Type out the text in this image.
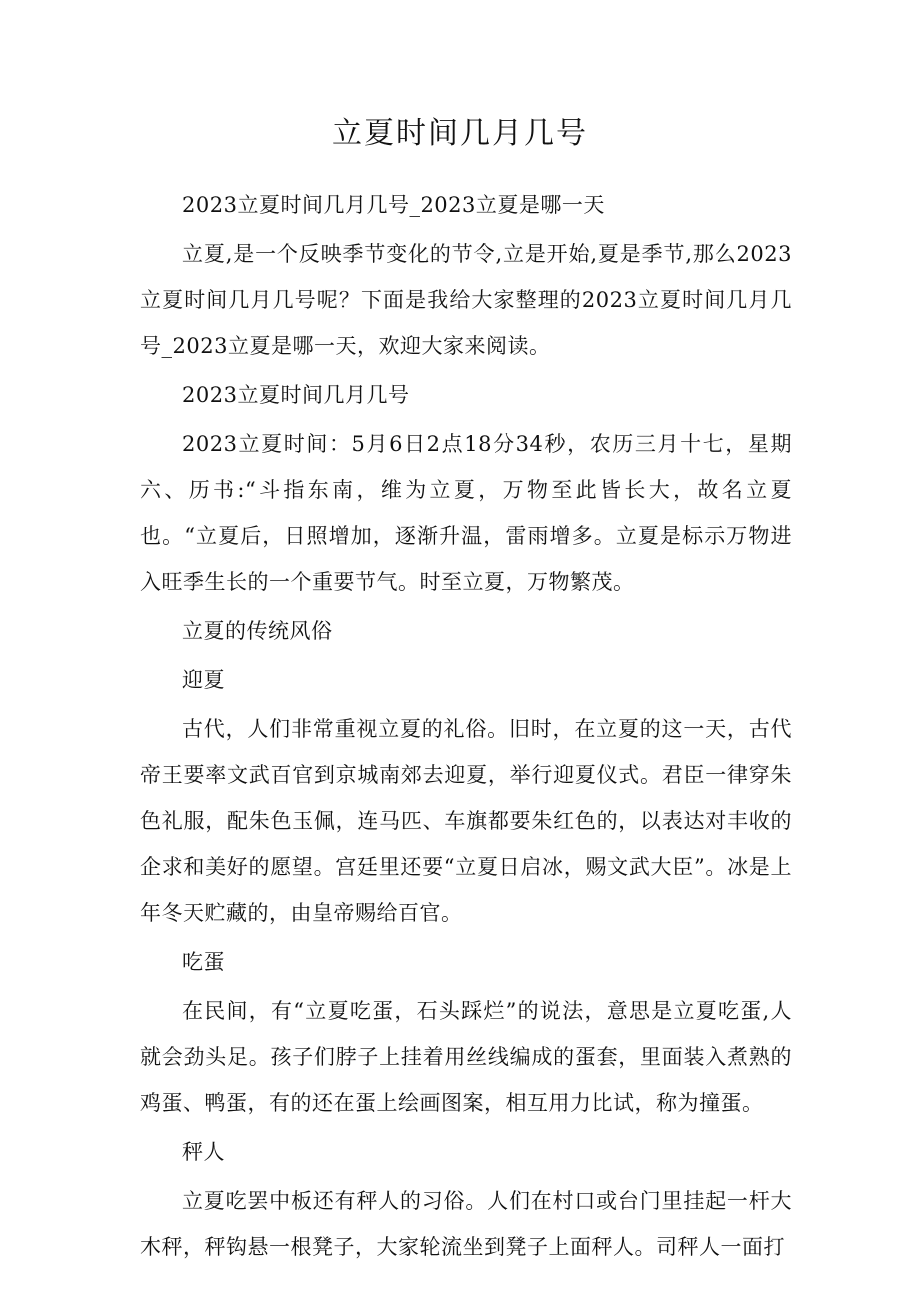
立夏时间几月几号

2023立夏时间几月几号_2023立夏是哪一天

立夏,是一个反映季节变化的节令,立是开始,夏是季节,那么2023立夏时间几月几号呢？下面是我给大家整理的2023立夏时间几月几号_2023立夏是哪一天，欢迎大家来阅读。

2023立夏时间几月几号

2023立夏时间：5月6日2点18分34秒，农历三月十七，星期六、历书:“斗指东南，维为立夏，万物至此皆长大，故名立夏也。“立夏后，日照增加，逐渐升温，雷雨增多。立夏是标示万物进入旺季生长的一个重要节气。时至立夏，万物繁茂。

立夏的传统风俗

迎夏

古代，人们非常重视立夏的礼俗。旧时，在立夏的这一天，古代帝王要率文武百官到京城南郊去迎夏，举行迎夏仪式。君臣一律穿朱色礼服，配朱色玉佩，连马匹、车旗都要朱红色的，以表达对丰收的企求和美好的愿望。宫廷里还要“立夏日启冰，赐文武大臣”。冰是上年冬天贮藏的，由皇帝赐给百官。

吃蛋

在民间，有“立夏吃蛋，石头踩烂”的说法，意思是立夏吃蛋,人就会劲头足。孩子们脖子上挂着用丝线编成的蛋套，里面装入煮熟的鸡蛋、鸭蛋，有的还在蛋上绘画图案，相互用力比试，称为撞蛋。

秤人

立夏吃罢中板还有秤人的习俗。人们在村口或台门里挂起一杆大木秤，秤钩悬一根凳子，大家轮流坐到凳子上面秤人。司秤人一面打
